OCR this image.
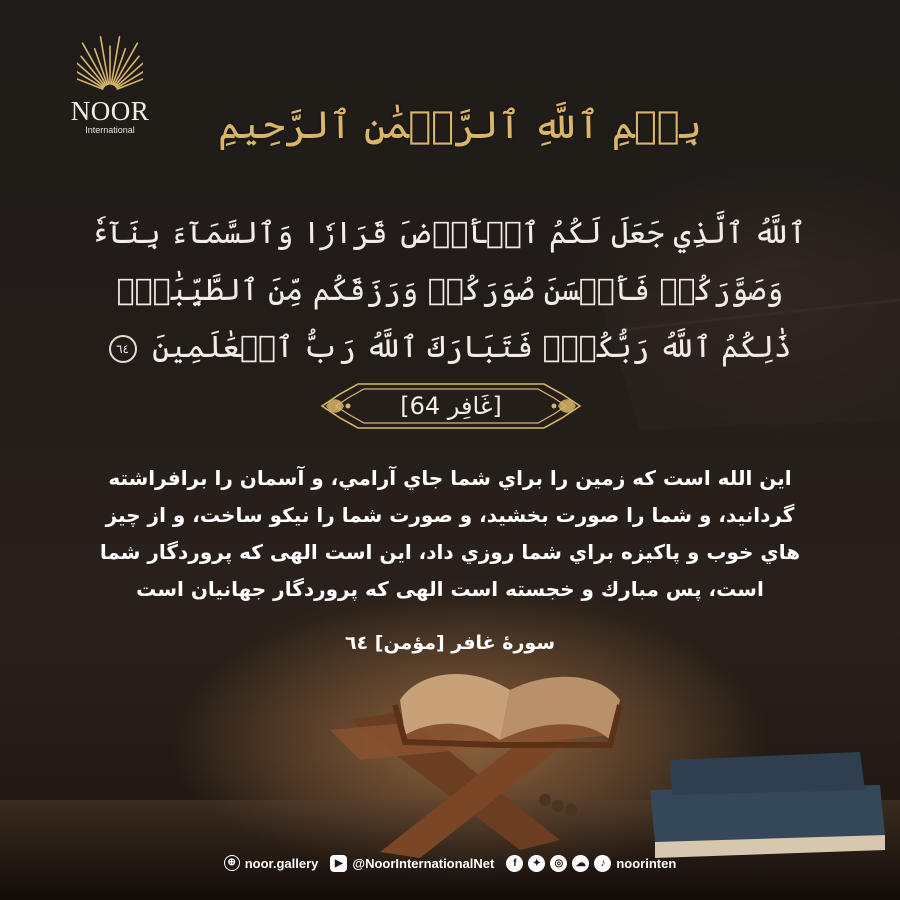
NOOR
International	بِسۡمِ ٱللَّهِ ٱلرَّحۡمَٰنِ ٱلرَّحِيمِ
ٱللَّهُ ٱلَّذِي جَعَلَ لَكُمُ ٱلۡأَرۡضَ قَرَارٗا وَٱلسَّمَآءَ بِنَآءٗ وَصَوَّرَكُمۡ فَأَحۡسَنَ صُوَرَكُمۡ وَرَزَقَكُم مِّنَ ٱلطَّيِّبَٰتِۚ ذَٰلِكُمُ ٱللَّهُ رَبُّكُمۡۖ فَتَبَارَكَ ٱللَّهُ رَبُّ ٱلۡعَٰلَمِينَ ٦٤
[غَافِر 64]
اين الله است كه زمين را براي شما جاي آرامي، و آسمان را برافراشته گردانيد، و شما را صورت بخشيد، و صورت شما را نيكو ساخت، و از چيز هاي خوب و پاكيزه براي شما روزي داد، اين است الهى كه پروردگار شما است، پس مبارك و خجسته است الهى كه پروردگار جهانيان است
سورۀ غافر [مؤمن] ٦٤
⊕ noor.gallery	▶ @NoorInternationalNet	f	✦	◎	☁	♪ noorinten
